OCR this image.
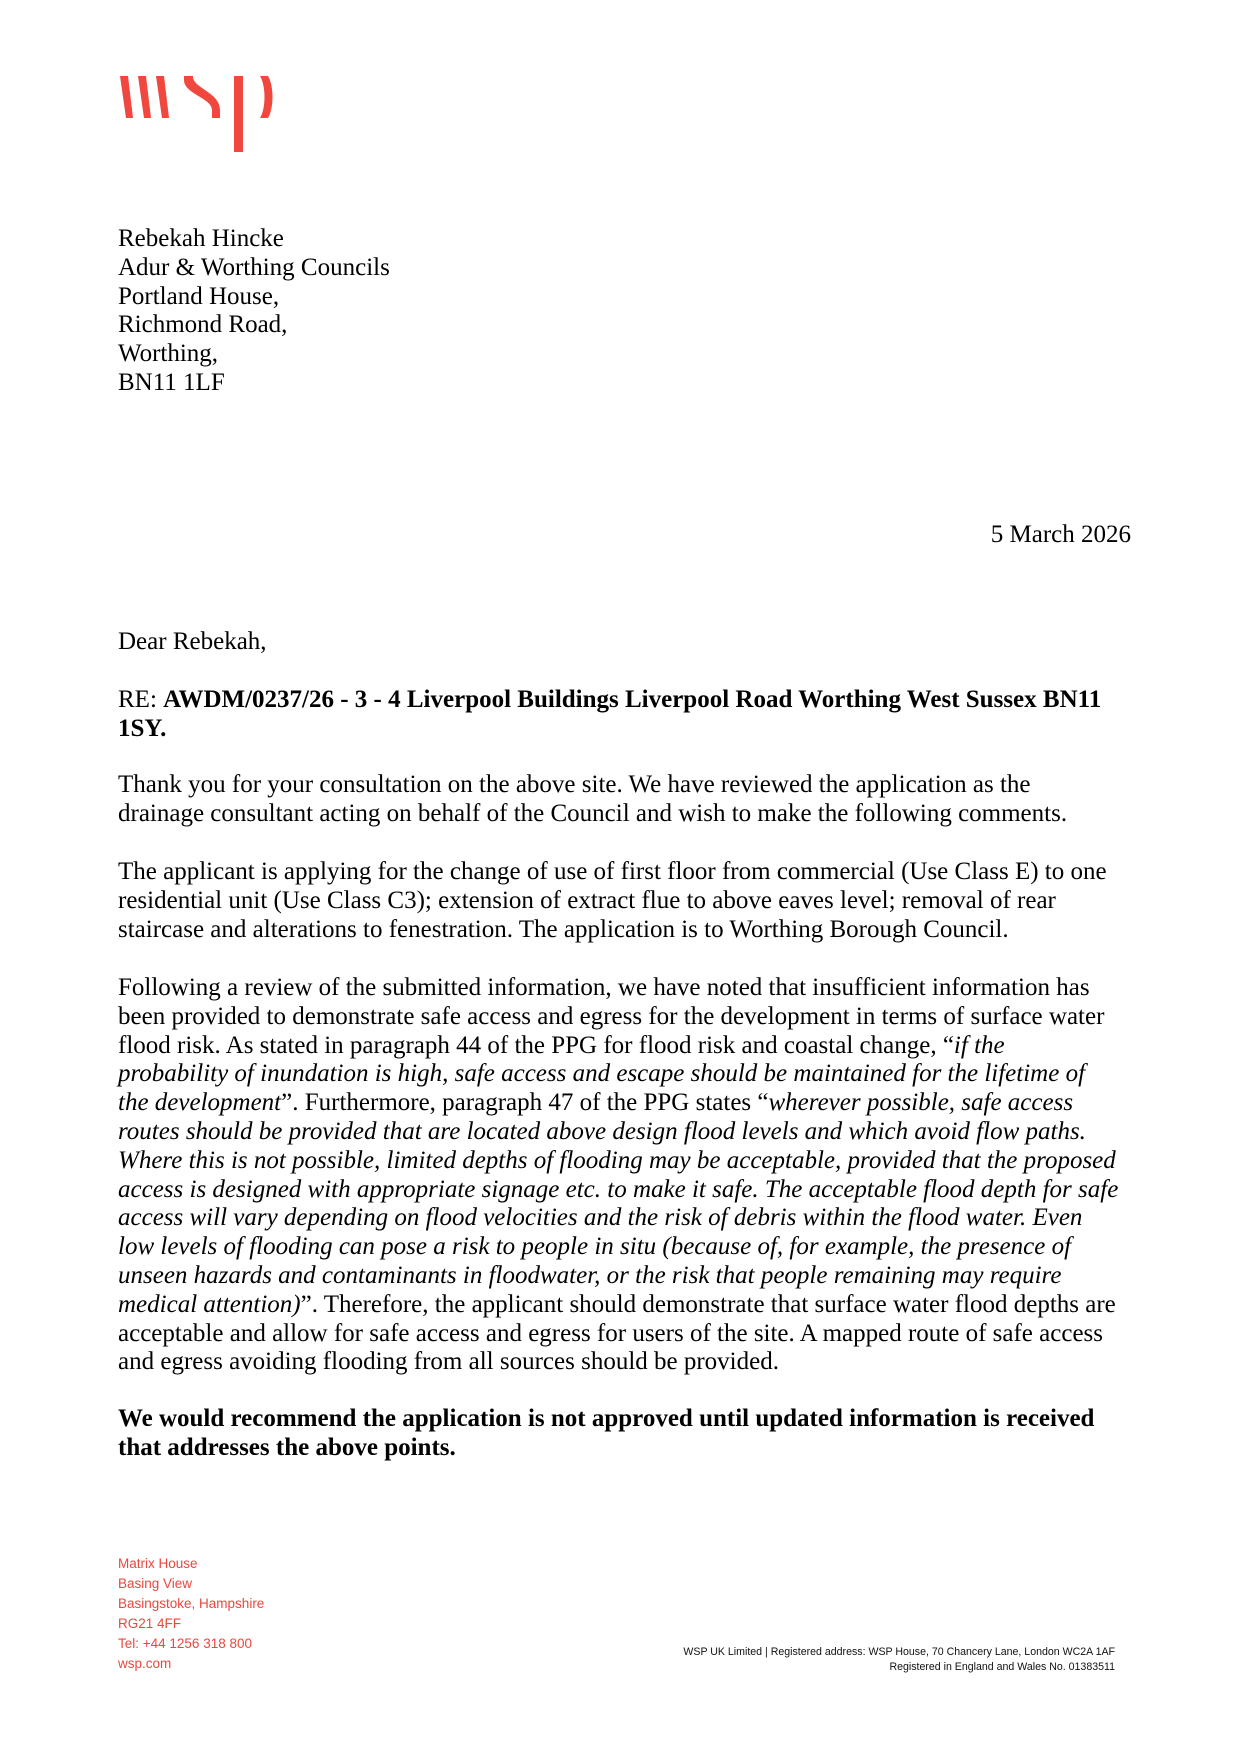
Rebekah Hincke
Adur & Worthing Councils
Portland House,
Richmond Road,
Worthing,
BN11 1LF
5 March 2026
Dear Rebekah,
RE: AWDM/0237/26 - 3 - 4 Liverpool Buildings Liverpool Road Worthing West Sussex BN11
1SY.
Thank you for your consultation on the above site. We have reviewed the application as the
drainage consultant acting on behalf of the Council and wish to make the following comments.
The applicant is applying for the change of use of first floor from commercial (Use Class E) to one
residential unit (Use Class C3); extension of extract flue to above eaves level; removal of rear
staircase and alterations to fenestration. The application is to Worthing Borough Council.
Following a review of the submitted information, we have noted that insufficient information has
been provided to demonstrate safe access and egress for the development in terms of surface water
flood risk. As stated in paragraph 44 of the PPG for flood risk and coastal change, “if the
probability of inundation is high, safe access and escape should be maintained for the lifetime of
the development”. Furthermore, paragraph 47 of the PPG states “wherever possible, safe access
routes should be provided that are located above design flood levels and which avoid flow paths.
Where this is not possible, limited depths of flooding may be acceptable, provided that the proposed
access is designed with appropriate signage etc. to make it safe. The acceptable flood depth for safe
access will vary depending on flood velocities and the risk of debris within the flood water. Even
low levels of flooding can pose a risk to people in situ (because of, for example, the presence of
unseen hazards and contaminants in floodwater, or the risk that people remaining may require
medical attention)”. Therefore, the applicant should demonstrate that surface water flood depths are
acceptable and allow for safe access and egress for users of the site. A mapped route of safe access
and egress avoiding flooding from all sources should be provided.
We would recommend the application is not approved until updated information is received
that addresses the above points.
Matrix House
Basing View
Basingstoke, Hampshire
RG21 4FF
Tel: +44 1256 318 800
wsp.com
WSP UK Limited | Registered address: WSP House, 70 Chancery Lane, London WC2A 1AF
Registered in England and Wales No. 01383511
